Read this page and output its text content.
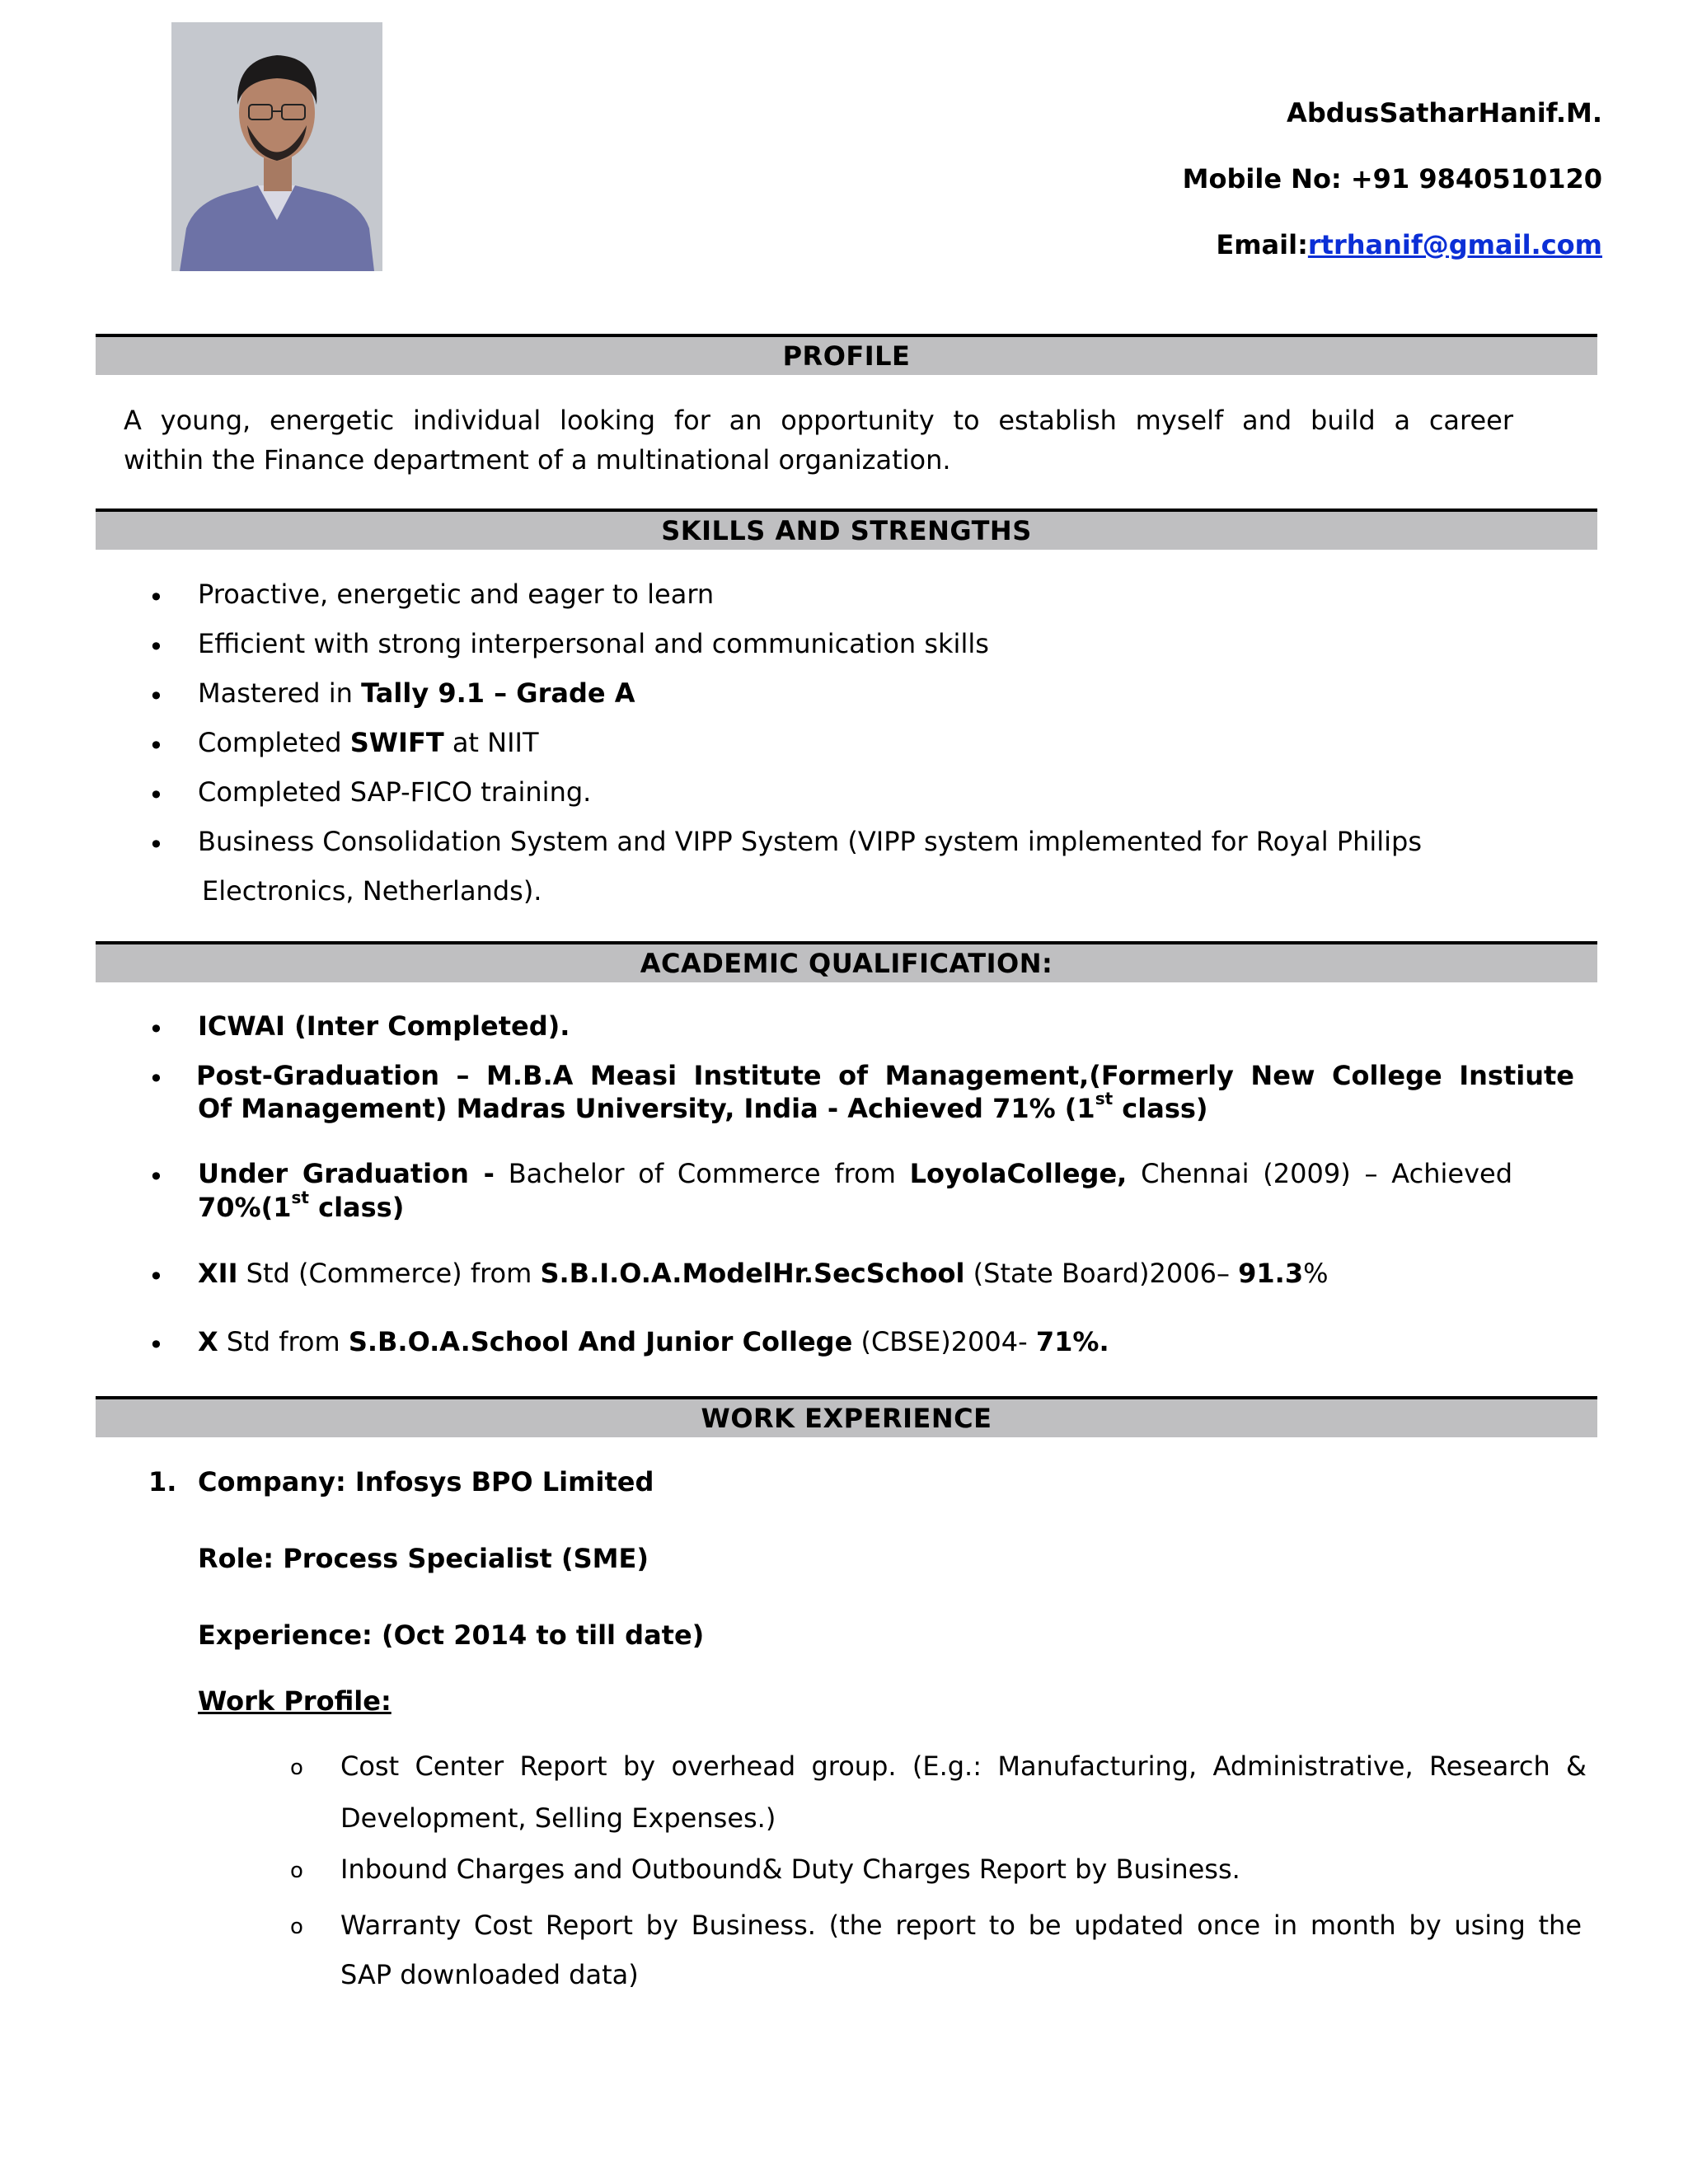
AbdusSatharHanif.M.
Mobile No: +91 9840510120
Email:rtrhanif@gmail.com
PROFILE
A young, energetic individual looking for an opportunity to establish myself and build a career
within the Finance department of a multinational organization.
SKILLS AND STRENGTHS
• Proactive, energetic and eager to learn
• Efficient with strong interpersonal and communication skills
• Mastered in Tally 9.1 – Grade A
• Completed SWIFT at NIIT
• Completed SAP-FICO training.
• Business Consolidation System and VIPP System (VIPP system implemented for Royal Philips
Electronics, Netherlands).
ACADEMIC QUALIFICATION:
• ICWAI (Inter Completed).
• Post-Graduation – M.B.A Measi Institute of Management,(Formerly New College Instiute
Of Management) Madras University, India - Achieved 71% (1st class)
• Under Graduation - Bachelor of Commerce from LoyolaCollege, Chennai (2009) – Achieved
70%(1st class)
• XII Std (Commerce) from S.B.I.O.A.ModelHr.SecSchool (State Board)2006– 91.3%
• X Std from S.B.O.A.School And Junior College (CBSE)2004- 71%.
WORK EXPERIENCE
1. Company: Infosys BPO Limited
Role: Process Specialist (SME)
Experience: (Oct 2014 to till date)
Work Profile:
o Cost Center Report by overhead group. (E.g.: Manufacturing, Administrative, Research &
Development, Selling Expenses.)
o Inbound Charges and Outbound& Duty Charges Report by Business.
o Warranty Cost Report by Business. (the report to be updated once in month by using the
SAP downloaded data)
